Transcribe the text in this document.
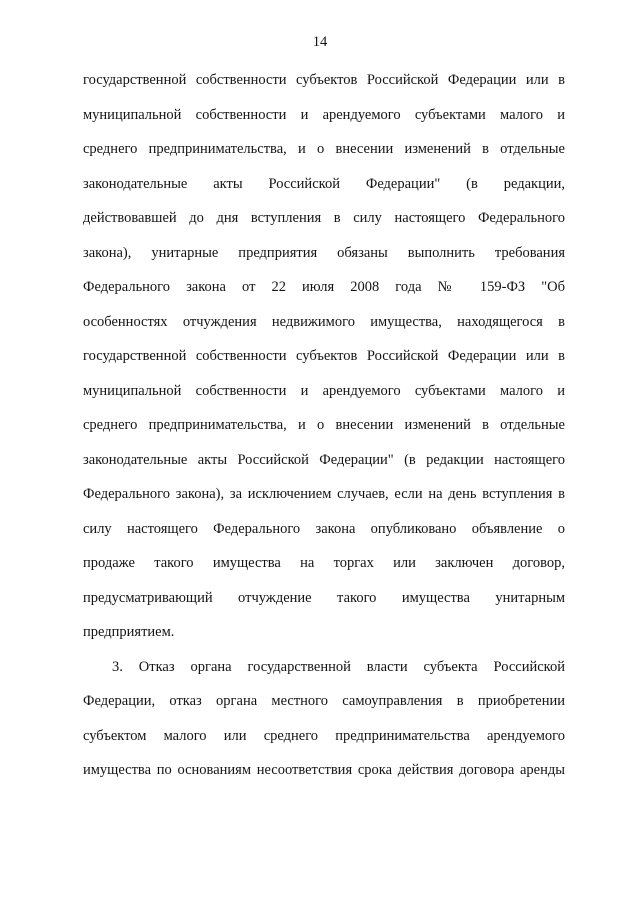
14
государственной собственности субъектов Российской Федерации или в
муниципальной собственности и арендуемого субъектами малого и
среднего предпринимательства, и о внесении изменений в отдельные
законодательные акты Российской Федерации" (в редакции,
действовавшей до дня вступления в силу настоящего Федерального
закона), унитарные предприятия обязаны выполнить требования
Федерального закона от 22 июля 2008 года № 159-ФЗ "Об
особенностях отчуждения недвижимого имущества, находящегося в
государственной собственности субъектов Российской Федерации или в
муниципальной собственности и арендуемого субъектами малого и
среднего предпринимательства, и о внесении изменений в отдельные
законодательные акты Российской Федерации" (в редакции настоящего
Федерального закона), за исключением случаев, если на день вступления в
силу настоящего Федерального закона опубликовано объявление о
продаже такого имущества на торгах или заключен договор,
предусматривающий отчуждение такого имущества унитарным
предприятием.
3. Отказ органа государственной власти субъекта Российской
Федерации, отказ органа местного самоуправления в приобретении
субъектом малого или среднего предпринимательства арендуемого
имущества по основаниям несоответствия срока действия договора аренды
